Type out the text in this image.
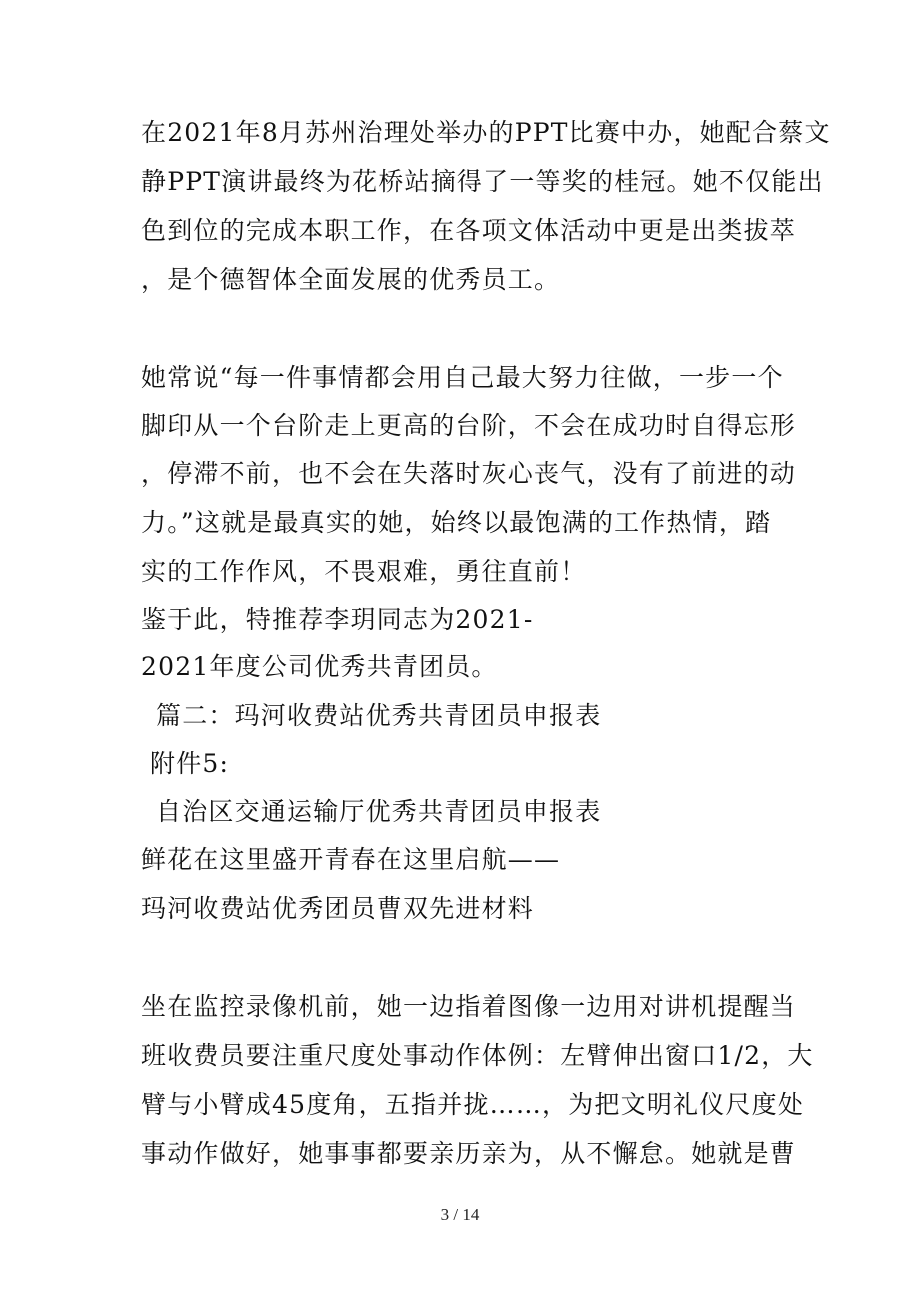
在2021年8月苏州治理处举办的PPT比赛中办，她配合蔡文
静PPT演讲最终为花桥站摘得了一等奖的桂冠。她不仅能出
色到位的完成本职工作，在各项文体活动中更是出类拔萃
，是个德智体全面发展的优秀员工。
她常说“每一件事情都会用自己最大努力往做，一步一个
脚印从一个台阶走上更高的台阶，不会在成功时自得忘形
，停滞不前，也不会在失落时灰心丧气，没有了前进的动
力。”这就是最真实的她，始终以最饱满的工作热情，踏
实的工作作风，不畏艰难，勇往直前！
鉴于此，特推荐李玥同志为2021-
2021年度公司优秀共青团员。
篇二：玛河收费站优秀共青团员申报表
附件5:
自治区交通运输厅优秀共青团员申报表
鲜花在这里盛开青春在这里启航——
玛河收费站优秀团员曹双先进材料
坐在监控录像机前，她一边指着图像一边用对讲机提醒当
班收费员要注重尺度处事动作体例：左臂伸出窗口1/2，大
臂与小臂成45度角，五指并拢……，为把文明礼仪尺度处
事动作做好，她事事都要亲历亲为，从不懈怠。她就是曹
3 / 14
